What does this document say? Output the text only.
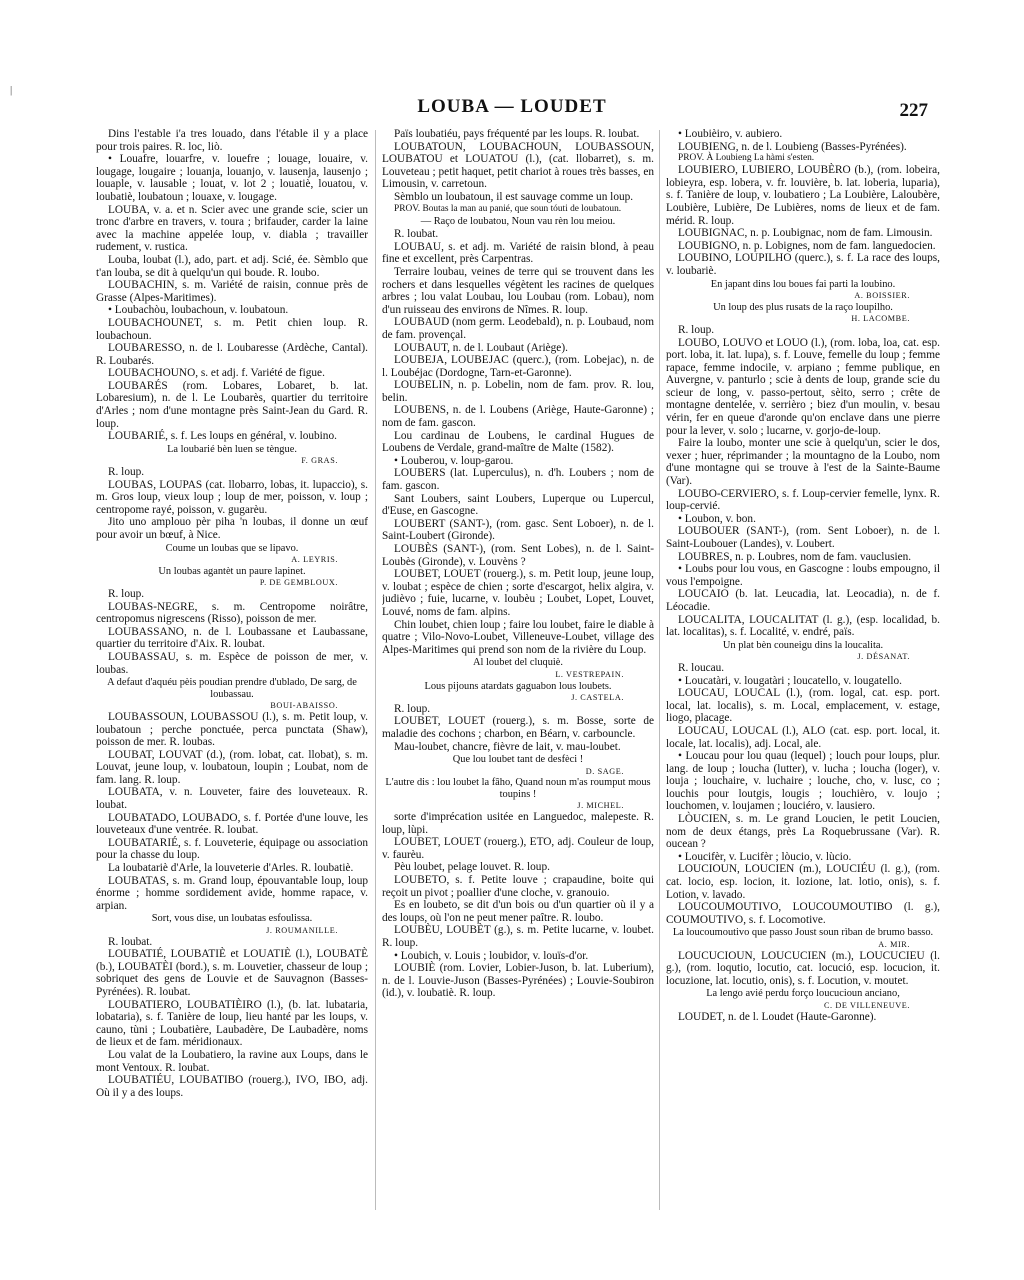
|
LOUBA — LOUDET	227

Dins l'estable i'a tres louado, dans l'étable il y a place pour trois paires. R. loc, liò.

• Louafre, louarfre, v. louefre ; louage, louaire, v. lougage, lougaire ; louanja, louanjo, v. lausenja, lausenjo ; louaple, v. lausable ; louat, v. lot 2 ; louatiè, louatou, v. loubatiè, loubatoun ; louaxe, v. lougage.

LOUBA, v. a. et n. Scier avec une grande scie, scier un tronc d'arbre en travers, v. toura ; brifauder, carder la laine avec la machine appelée loup, v. diabla ; travailler rudement, v. rustica.

Louba, loubat (l.), ado, part. et adj. Scié, ée. Sèmblo que t'an louba, se dit à quelqu'un qui boude. R. loubo.

LOUBACHIN, s. m. Variété de raisin, connue près de Grasse (Alpes-Maritimes).

• Loubachòu, loubachoun, v. loubatoun.

LOUBACHOUNET, s. m. Petit chien loup. R. loubachoun.

LOUBARESSO, n. de l. Loubaresse (Ardèche, Cantal). R. Loubarés.

LOUBACHOUNO, s. et adj. f. Variété de figue.

LOUBARÉS (rom. Lobares, Lobaret, b. lat. Lobaresium), n. de l. Le Loubarès, quartier du territoire d'Arles ; nom d'une montagne près Saint-Jean du Gard. R. loup.

LOUBARIÉ, s. f. Les loups en général, v. loubino.

La loubarié bèn luen se tèngue.

F. GRAS.

R. loup.

LOUBAS, LOUPAS (cat. llobarro, lobas, it. lupaccio), s. m. Gros loup, vieux loup ; loup de mer, poisson, v. loup ; centropome rayé, poisson, v. gugarèu.

Jito uno amplouo pèr piha 'n loubas, il donne un œuf pour avoir un bœuf, à Nice.

Coume un loubas que se lipavo.

A. LEYRIS.

Un loubas agantèt un paure lapinet.

P. DE GEMBLOUX.

R. loup.

LOUBAS-NEGRE, s. m. Centropome noirâtre, centropomus nigrescens (Risso), poisson de mer.

LOUBASSANO, n. de l. Loubassane et Laubassane, quartier du territoire d'Aix. R. loubat.

LOUBASSAU, s. m. Espèce de poisson de mer, v. loubas.

A defaut d'aquéu pèis poudian prendre d'ublado, De sarg, de loubassau.

BOUI-ABAISSO.

LOUBASSOUN, LOUBASSOU (l.), s. m. Petit loup, v. loubatoun ; perche ponctuée, perca punctata (Shaw), poisson de mer. R. loubas.

LOUBAT, LOUVAT (d.), (rom. lobat, cat. llobat), s. m. Louvat, jeune loup, v. loubatoun, loupin ; Loubat, nom de fam. lang. R. loup.

LOUBATA, v. n. Louveter, faire des louveteaux. R. loubat.

LOUBATADO, LOUBADO, s. f. Portée d'une louve, les louveteaux d'une ventrée. R. loubat.

LOUBATARIÉ, s. f. Louveterie, équipage ou association pour la chasse du loup.

La loubatariè d'Arle, la louveterie d'Arles. R. loubatiè.

LOUBATAS, s. m. Grand loup, épouvantable loup, loup énorme ; homme sordidement avide, homme rapace, v. arpian.

Sort, vous dise, un loubatas esfoulissa.

J. ROUMANILLE.

R. loubat.

LOUBATIÉ, LOUBATIÈ et LOUATIÈ (l.), LOUBATÈ (b.), LOUBATÈI (bord.), s. m. Louvetier, chasseur de loup ; sobriquet des gens de Louvie et de Sauvagnon (Basses-Pyrénées). R. loubat.

LOUBATIERO, LOUBATIÈIRO (l.), (b. lat. lubataria, lobataria), s. f. Tanière de loup, lieu hanté par les loups, v. cauno, tùni ; Loubatière, Laubadère, De Laubadère, noms de lieux et de fam. méridionaux.

Lou valat de la Loubatiero, la ravine aux Loups, dans le mont Ventoux. R. loubat.

LOUBATIÉU, LOUBATIBO (rouerg.), IVO, IBO, adj. Où il y a des loups.

Païs loubatiéu, pays fréquenté par les loups. R. loubat.

LOUBATOUN, LOUBACHOUN, LOUBASSOUN, LOUBATOU et LOUATOU (l.), (cat. llobarret), s. m. Louveteau ; petit haquet, petit chariot à roues très basses, en Limousin, v. carretoun.

Sèmblo un loubatoun, il est sauvage comme un loup.

PROV. Boutas la man au panié, que soun tóuti de loubatoun.

— Raço de loubatou, Noun vau rèn lou meiou.

R. loubat.

LOUBAU, s. et adj. m. Variété de raisin blond, à peau fine et excellent, près Carpentras.

Terraire loubau, veines de terre qui se trouvent dans les rochers et dans lesquelles végètent les racines de quelques arbres ; lou valat Loubau, lou Loubau (rom. Lobau), nom d'un ruisseau des environs de Nîmes. R. loup.

LOUBAUD (nom germ. Leodebald), n. p. Loubaud, nom de fam. provençal.

LOUBAUT, n. de l. Loubaut (Ariège).

LOUBEJA, LOUBEJAC (querc.), (rom. Lobejac), n. de l. Loubéjac (Dordogne, Tarn-et-Garonne).

LOUBELIN, n. p. Lobelin, nom de fam. prov. R. lou, belin.

LOUBENS, n. de l. Loubens (Ariège, Haute-Garonne) ; nom de fam. gascon.

Lou cardinau de Loubens, le cardinal Hugues de Loubens de Verdale, grand-maître de Malte (1582).

• Louberou, v. loup-garou.

LOUBERS (lat. Luperculus), n. d'h. Loubers ; nom de fam. gascon.

Sant Loubers, saint Loubers, Luperque ou Lupercul, d'Euse, en Gascogne.

LOUBERT (SANT-), (rom. gasc. Sent Loboer), n. de l. Saint-Loubert (Gironde).

LOUBÈS (SANT-), (rom. Sent Lobes), n. de l. Saint-Loubès (Gironde), v. Louvèns ?

LOUBET, LOUET (rouerg.), s. m. Petit loup, jeune loup, v. loubat ; espèce de chien ; sorte d'escargot, helix algira, v. judièvo ; fuie, lucarne, v. loubèu ; Loubet, Lopet, Louvet, Louvé, noms de fam. alpins.

Chin loubet, chien loup ; faire lou loubet, faire le diable à quatre ; Vilo-Novo-Loubet, Villeneuve-Loubet, village des Alpes-Maritimes qui prend son nom de la rivière du Loup.

Al loubet del cluquiè.

L. VESTREPAIN.

Lous pijouns atardats gaguabon lous loubets.

J. CASTELA.

R. loup.

LOUBET, LOUET (rouerg.), s. m. Bosse, sorte de maladie des cochons ; charbon, en Béarn, v. carbouncle.

Mau-loubet, chancre, fièvre de lait, v. mau-loubet.

Que lou loubet tant de desfèci !

D. SAGE.

L'autre dis : lou loubet la fâho, Quand noun m'as roumput mous toupins !

J. MICHEL.

sorte d'imprécation usitée en Languedoc, malepeste. R. loup, lùpi.

LOUBET, LOUET (rouerg.), ETO, adj. Couleur de loup, v. faurèu.

Pèu loubet, pelage louvet. R. loup.

LOUBETO, s. f. Petite louve ; crapaudine, boite qui reçoit un pivot ; poallier d'une cloche, v. granouio.

Es en loubeto, se dit d'un bois ou d'un quartier où il y a des loups, où l'on ne peut mener paître. R. loubo.

LOUBÈU, LOUBÈT (g.), s. m. Petite lucarne, v. loubet. R. loup.

• Loubich, v. Louis ; loubidor, v. louïs-d'or.

LOUBIÈ (rom. Lovier, Lobier-Juson, b. lat. Luberium), n. de l. Louvie-Juson (Basses-Pyrénées) ; Louvie-Soubiron (id.), v. loubatiè. R. loup.

• Loubièiro, v. aubiero.

LOUBIENG, n. de l. Loubieng (Basses-Pyrénées).

PROV. À Loubieng La hàmi s'esten.

LOUBIERO, LUBIERO, LOUBÈRO (b.), (rom. lobeira, lobieyra, esp. lobera, v. fr. louvière, b. lat. loberia, luparia), s. f. Tanière de loup, v. loubatiero ; La Loubière, Laloubère, Loubière, Lubière, De Lubières, noms de lieux et de fam. mérid. R. loup.

LOUBIGNAC, n. p. Loubignac, nom de fam. Limousin.

LOUBIGNO, n. p. Lobignes, nom de fam. languedocien.

LOUBINO, LOUPILHO (querc.), s. f. La race des loups, v. loubariè.

En japant dins lou boues fai parti la loubino.

A. BOISSIER.

Un loup des plus rusats de la raço loupilho.

H. LACOMBE.

R. loup.

LOUBO, LOUVO et LOUO (l.), (rom. loba, loa, cat. esp. port. loba, it. lat. lupa), s. f. Louve, femelle du loup ; femme rapace, femme indocile, v. arpiano ; femme publique, en Auvergne, v. panturlo ; scie à dents de loup, grande scie du scieur de long, v. passo-pertout, sèito, serro ; crête de montagne dentelée, v. serrièro ; biez d'un moulin, v. besau vérin, fer en queue d'aronde qu'on enclave dans une pierre pour la lever, v. solo ; lucarne, v. gorjo-de-loup.

Faire la loubo, monter une scie à quelqu'un, scier le dos, vexer ; huer, réprimander ; la mountagno de la Loubo, nom d'une montagne qui se trouve à l'est de la Sainte-Baume (Var).

LOUBO-CERVIERO, s. f. Loup-cervier femelle, lynx. R. loup-cervié.

• Loubon, v. bon.

LOUBOUER (SANT-), (rom. Sent Loboer), n. de l. Saint-Loubouer (Landes), v. Loubert.

LOUBRES, n. p. Loubres, nom de fam. vauclusien.

• Loubs pour lou vous, en Gascogne : loubs empougno, il vous l'empoigne.

LOUCAIO (b. lat. Leucadia, lat. Leocadia), n. de f. Léocadie.

LOUCALITA, LOUCALITAT (l. g.), (esp. localidad, b. lat. localitas), s. f. Localité, v. endré, païs.

Un plat bèn couneigu dins la loucalita.

J. DÉSANAT.

R. loucau.

• Loucatàri, v. lougatàri ; loucatello, v. lougatello.

LOUCAU, LOUCAL (l.), (rom. logal, cat. esp. port. local, lat. localis), s. m. Local, emplacement, v. estage, liogo, placage.

LOUCAU, LOUCAL (l.), ALO (cat. esp. port. local, it. locale, lat. localis), adj. Local, ale.

• Loucau pour lou quau (lequel) ; louch pour loups, plur. lang. de loup ; loucha (lutter), v. lucha ; loucha (loger), v. louja ; louchaire, v. luchaire ; louche, cho, v. lusc, co ; louchis pour loutgis, lougis ; louchièro, v. loujo ; louchomen, v. loujamen ; louciéro, v. lausiero.

LÒUCIEN, s. m. Le grand Loucien, le petit Loucien, nom de deux étangs, près La Roquebrussane (Var). R. oucean ?

• Loucifèr, v. Lucifèr ; lòucio, v. lùcio.

LOUCIOUN, LOUCIEN (m.), LOUCIÉU (l. g.), (rom. cat. locio, esp. locion, it. lozione, lat. lotio, onis), s. f. Lotion, v. lavado.

LOUCOUMOUTIVO, LOUCOUMOUTIBO (l. g.), COUMOUTIVO, s. f. Locomotive.

La loucoumoutivo que passo Joust soun rìban de brumo basso.

A. MIR.

LOUCUCIOUN, LOUCUCIEN (m.), LOUCUCIEU (l. g.), (rom. loqutio, locutio, cat. locució, esp. locucion, it. locuzione, lat. locutio, onis), s. f. Locution, v. moutet.

La lengo avié perdu forço loucucioun anciano,

C. DE VILLENEUVE.

LOUDET, n. de l. Loudet (Haute-Garonne).
